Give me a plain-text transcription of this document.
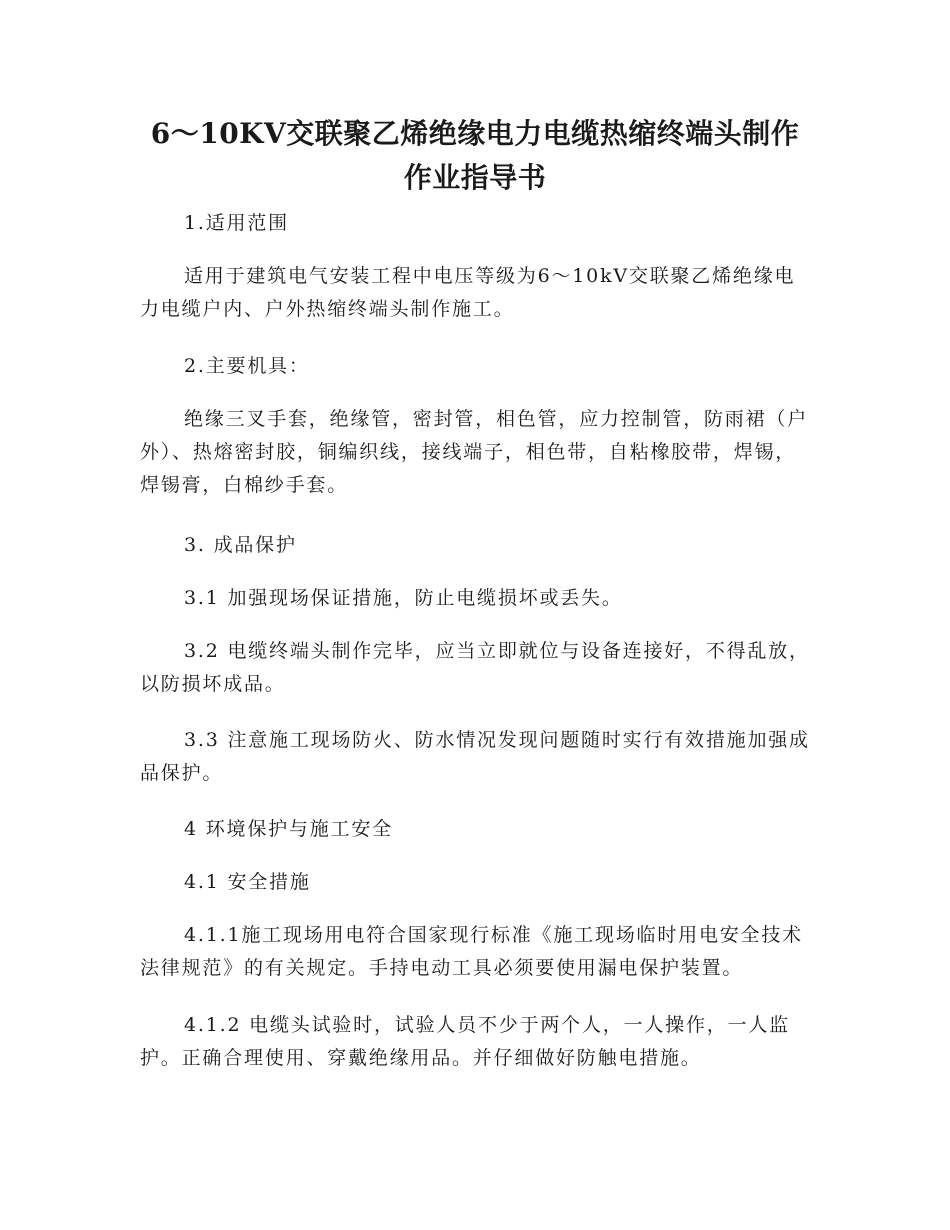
6～10KV交联聚乙烯绝缘电力电缆热缩终端头制作作业指导书

1.适用范围

适用于建筑电气安装工程中电压等级为6～10kV交联聚乙烯绝缘电力电缆户内、户外热缩终端头制作施工。

2.主要机具：

绝缘三叉手套，绝缘管，密封管，相色管，应力控制管，防雨裙（户外）、热熔密封胶，铜编织线，接线端子，相色带，自粘橡胶带，焊锡，焊锡膏，白棉纱手套。

3. 成品保护

3.1 加强现场保证措施，防止电缆损坏或丢失。

3.2 电缆终端头制作完毕，应当立即就位与设备连接好，不得乱放，以防损坏成品。

3.3 注意施工现场防火、防水情况发现问题随时实行有效措施加强成品保护。

4 环境保护与施工安全

4.1 安全措施

4.1.1施工现场用电符合国家现行标准《施工现场临时用电安全技术法律规范》的有关规定。手持电动工具必须要使用漏电保护装置。

4.1.2 电缆头试验时，试验人员不少于两个人，一人操作，一人监护。正确合理使用、穿戴绝缘用品。并仔细做好防触电措施。
